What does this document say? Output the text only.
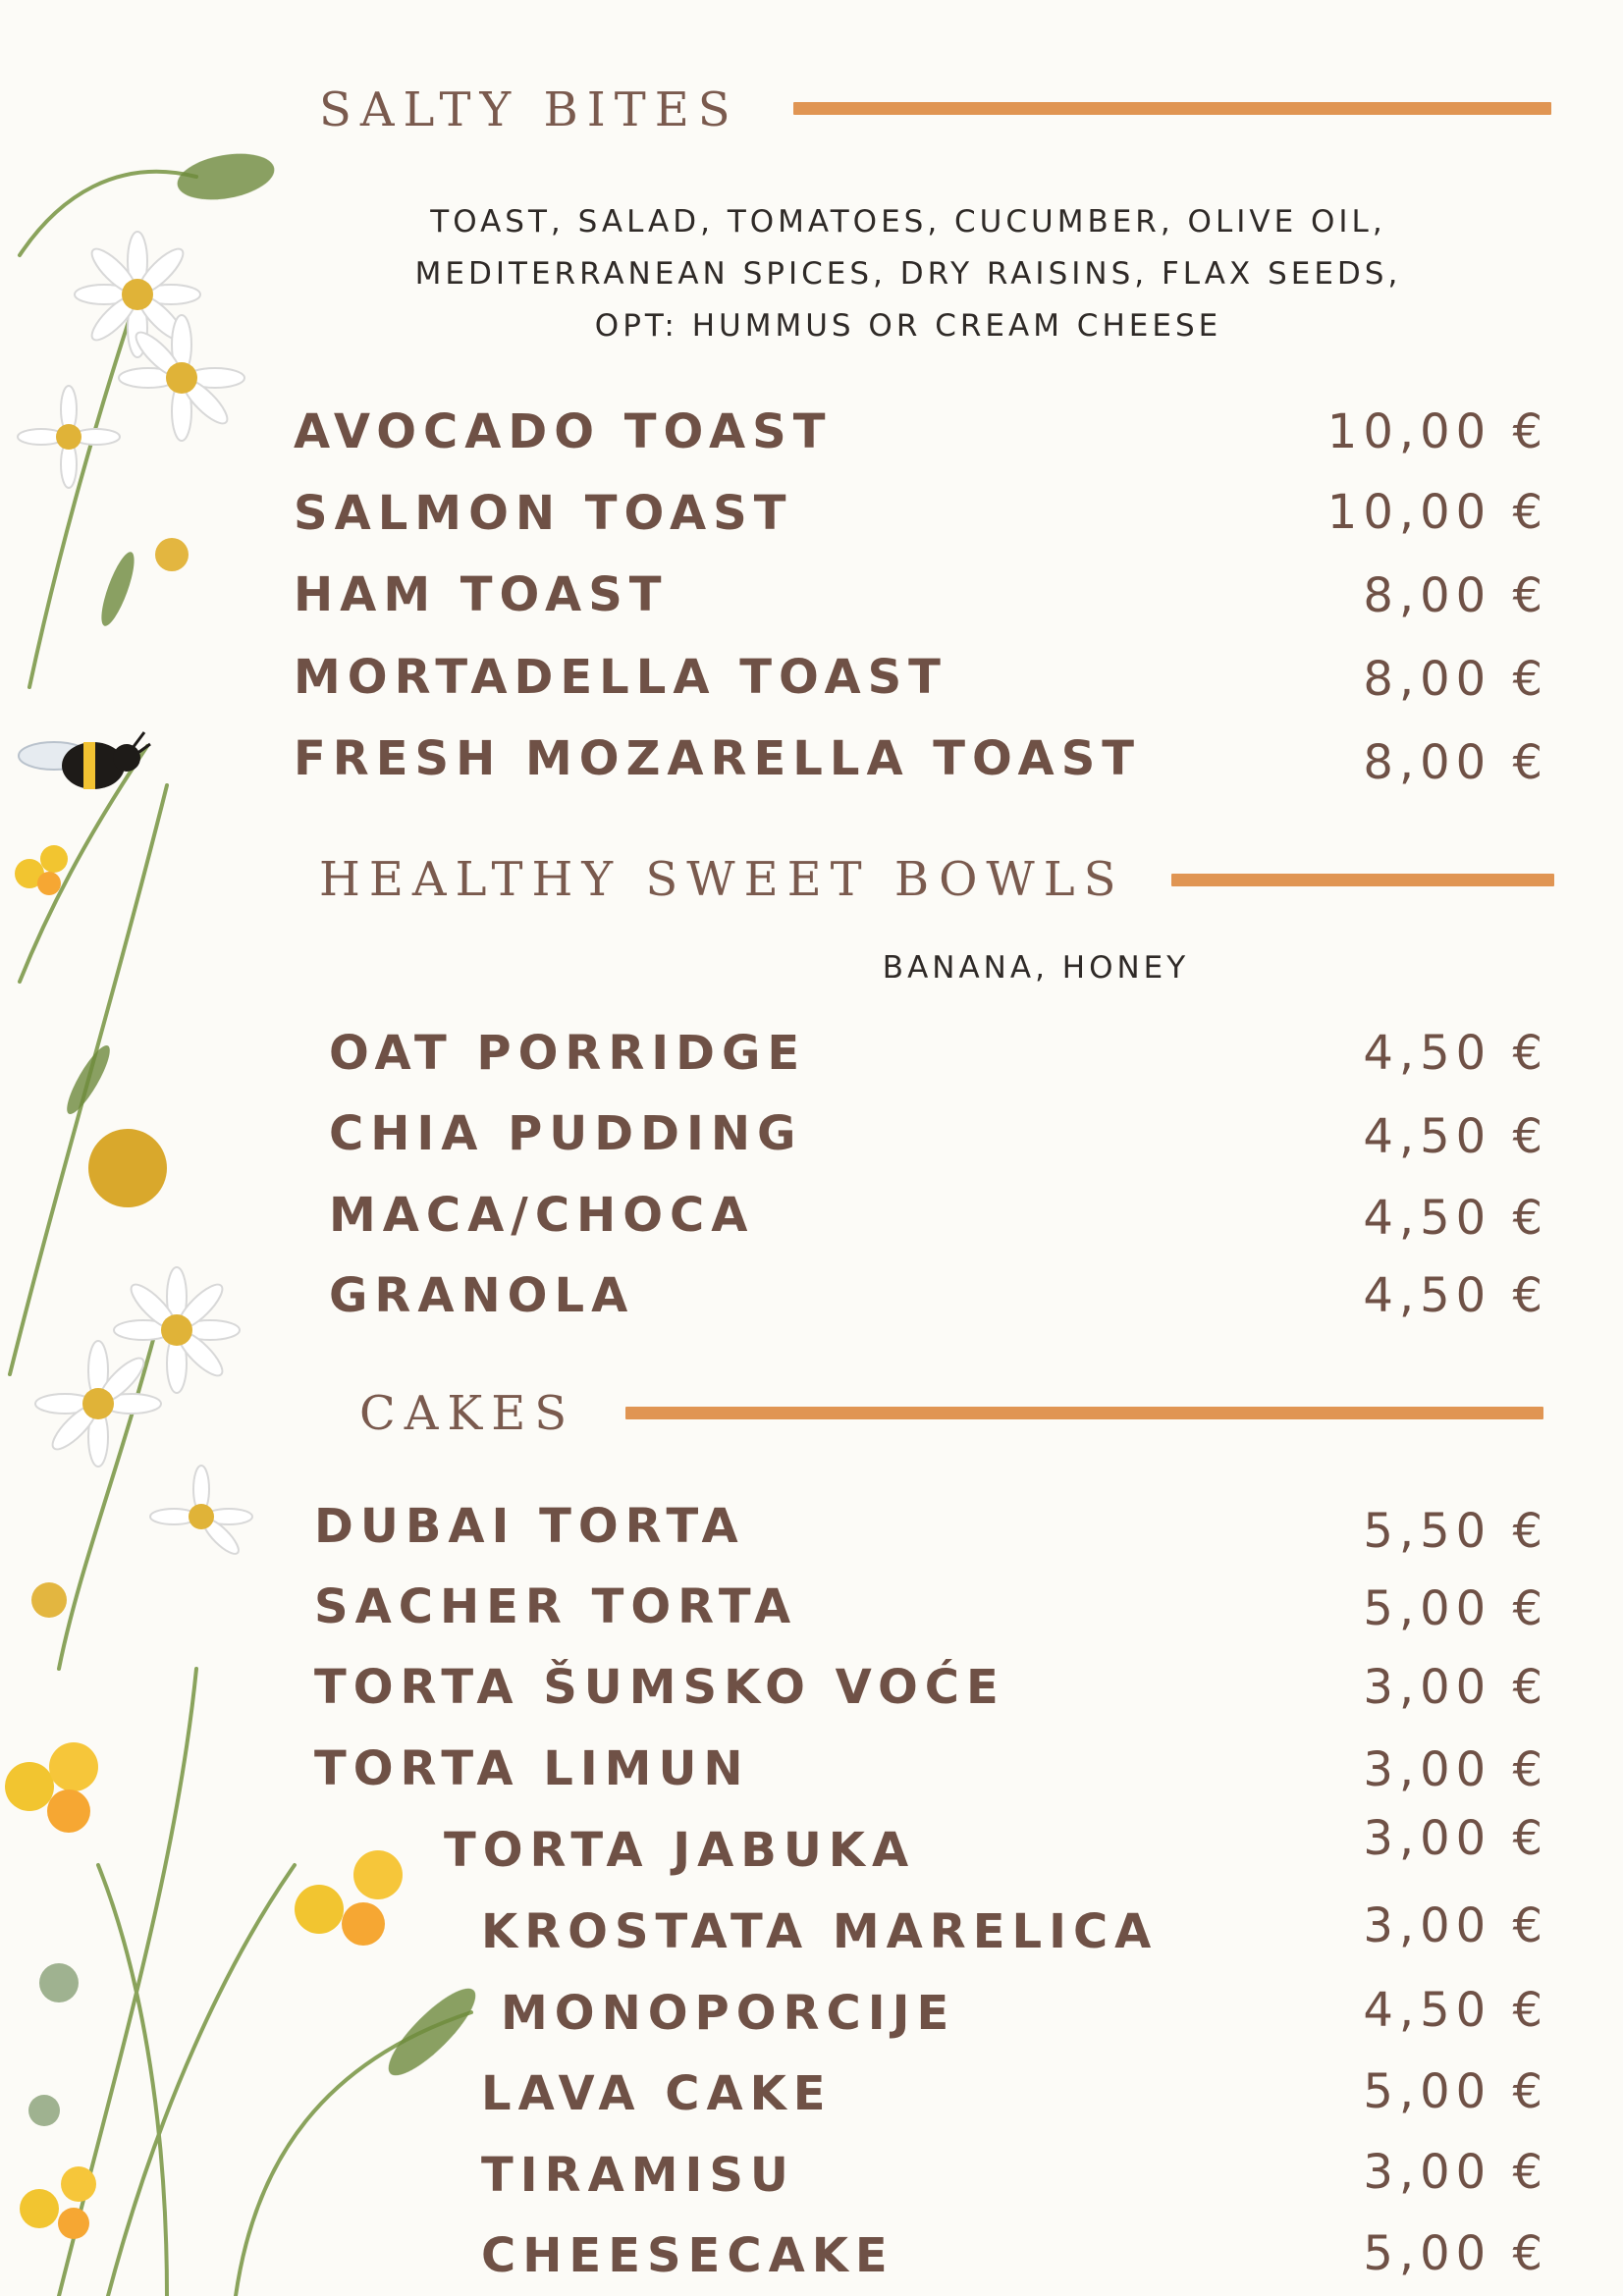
SALTY BITES
TOAST, SALAD, TOMATOES, CUCUMBER, OLIVE OIL,
MEDITERRANEAN SPICES, DRY RAISINS, FLAX SEEDS,
OPT: HUMMUS OR CREAM CHEESE
AVOCADO TOAST	10,00 €
SALMON TOAST	10,00 €
HAM TOAST	8,00 €
MORTADELLA TOAST	8,00 €
FRESH MOZARELLA TOAST	8,00 €
HEALTHY SWEET BOWLS
BANANA, HONEY
OAT PORRIDGE	4,50 €
CHIA PUDDING	4,50 €
MACA/CHOCA	4,50 €
GRANOLA	4,50 €
CAKES
DUBAI TORTA	5,50 €
SACHER TORTA	5,00 €
TORTA ŠUMSKO VOĆE	3,00 €
TORTA LIMUN	3,00 €
TORTA JABUKA	3,00 €
KROSTATA MARELICA	3,00 €
MONOPORCIJE	4,50 €
LAVA CAKE	5,00 €
TIRAMISU	3,00 €
CHEESECAKE	5,00 €
